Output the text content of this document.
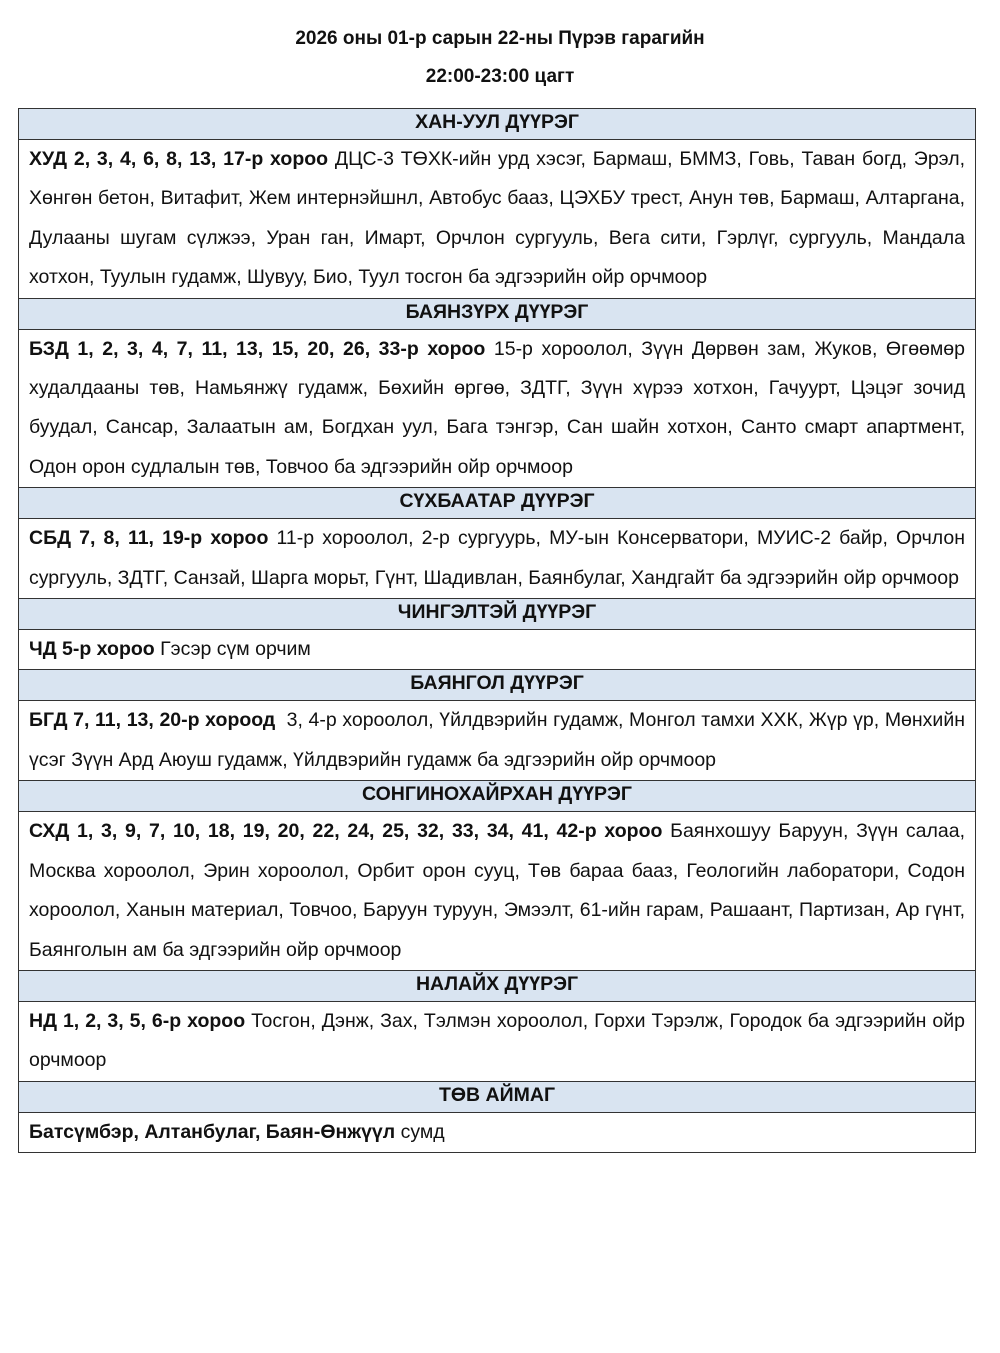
2026 оны 01-р сарын 22-ны Пүрэв гарагийн
22:00-23:00 цагт
ХАН-УУЛ ДҮҮРЭГ
ХУД 2, 3, 4, 6, 8, 13, 17-р хороо ДЦС-3 ТӨХК-ийн урд хэсэг, Бармаш, БММЗ, Говь, Таван богд, Эрэл, Хөнгөн бетон, Витафит, Жем интернэйшнл, Автобус бааз, ЦЭХБУ трест, Анун төв, Бармаш, Алтаргана, Дулааны шугам сүлжээ, Уран ган, Имарт, Орчлон сургууль, Вега сити, Гэрлүг, сургууль, Мандала хотхон, Туулын гудамж, Шувуу, Био, Туул тосгон ба эдгээрийн ойр орчмоор
БАЯНЗҮРХ ДҮҮРЭГ
БЗД 1, 2, 3, 4, 7, 11, 13, 15, 20, 26, 33-р хороо 15-р хороолол, Зүүн Дөрвөн зам, Жуков, Өгөөмөр худалдааны төв, Намьянжү гудамж, Бөхийн өргөө, ЗДТГ, Зүүн хүрээ хотхон, Гачуурт, Цэцэг зочид буудал, Сансар, Залаатын ам, Богдхан уул, Бага тэнгэр, Сан шайн хотхон, Санто смарт апартмент, Одон орон судлалын төв, Товчоо ба эдгээрийн ойр орчмоор
СҮХБААТАР ДҮҮРЭГ
СБД 7, 8, 11, 19-р хороо 11-р хороолол, 2-р сургуурь, МУ-ын Консерватори, МУИС-2 байр, Орчлон сургууль, ЗДТГ, Санзай, Шарга морьт, Гүнт, Шадивлан, Баянбулаг, Хандгайт ба эдгээрийн ойр орчмоор
ЧИНГЭЛТЭЙ ДҮҮРЭГ
ЧД 5-р хороо Гэсэр сүм орчим
БАЯНГОЛ ДҮҮРЭГ
БГД 7, 11, 13, 20-р хороод  3, 4-р хороолол, Үйлдвэрийн гудамж, Монгол тамхи ХХК, Жүр үр, Мөнхийн үсэг Зүүн Ард Аюуш гудамж, Үйлдвэрийн гудамж ба эдгээрийн ойр орчмоор
СОНГИНОХАЙРХАН ДҮҮРЭГ
СХД 1, 3, 9, 7, 10, 18, 19, 20, 22, 24, 25, 32, 33, 34, 41, 42-р хороо Баянхошуу Баруун, Зүүн салаа, Москва хороолол, Эрин хороолол, Орбит орон сууц, Төв бараа бааз, Геологийн лаборатори, Содон хороолол, Ханын материал, Товчоо, Баруун туруун, Эмээлт, 61-ийн гарам, Рашаант, Партизан, Ар гүнт, Баянголын ам ба эдгээрийн ойр орчмоор
НАЛАЙХ ДҮҮРЭГ
НД 1, 2, 3, 5, 6-р хороо Тосгон, Дэнж, Зах, Тэлмэн хороолол, Горхи Тэрэлж, Городок ба эдгээрийн ойр орчмоор
ТӨВ АЙМАГ
Батсүмбэр, Алтанбулаг, Баян-Өнжүүл сумд
